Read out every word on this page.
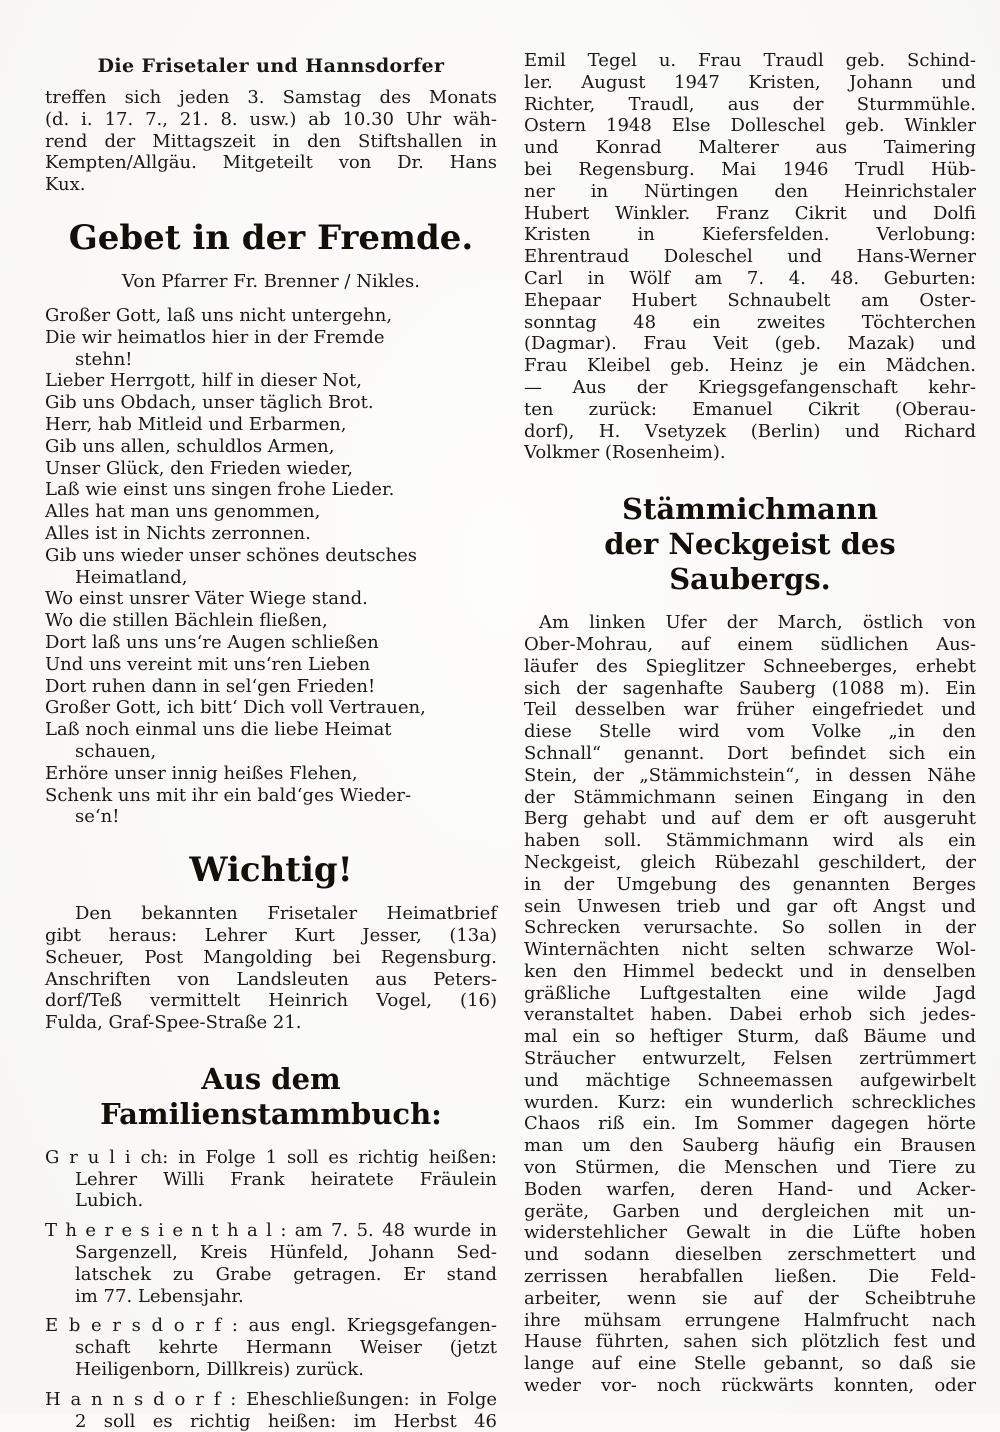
Die Frisetaler und Hannsdorfer
treffen sich jeden 3. Samstag des Monats
(d. i. 17. 7., 21. 8. usw.) ab 10.30 Uhr wäh-
rend der Mittagszeit in den Stiftshallen in
Kempten/Allgäu. Mitgeteilt von Dr. Hans
Kux.
Gebet in der Fremde.
Von Pfarrer Fr. Brenner / Nikles.
Großer Gott, laß uns nicht untergehn,
Die wir heimatlos hier in der Fremde
stehn!
Lieber Herrgott, hilf in dieser Not,
Gib uns Obdach, unser täglich Brot.
Herr, hab Mitleid und Erbarmen,
Gib uns allen, schuldlos Armen,
Unser Glück, den Frieden wieder,
Laß wie einst uns singen frohe Lieder.
Alles hat man uns genommen,
Alles ist in Nichts zerronnen.
Gib uns wieder unser schönes deutsches
Heimatland,
Wo einst unsrer Väter Wiege stand.
Wo die stillen Bächlein fließen,
Dort laß uns uns‘re Augen schließen
Und uns vereint mit uns‘ren Lieben
Dort ruhen dann in sel‘gen Frieden!
Großer Gott, ich bitt‘ Dich voll Vertrauen,
Laß noch einmal uns die liebe Heimat
schauen,
Erhöre unser innig heißes Flehen,
Schenk uns mit ihr ein bald‘ges Wieder-
se‘n!
Wichtig!
Den bekannten Frisetaler Heimatbrief
gibt heraus: Lehrer Kurt Jesser, (13a)
Scheuer, Post Mangolding bei Regensburg.
Anschriften von Landsleuten aus Peters-
dorf/Teß vermittelt Heinrich Vogel, (16)
Fulda, Graf-Spee-Straße 21.
Aus dem Familienstammbuch:
G r u l i ch: in Folge 1 soll es richtig heißen:
Lehrer Willi Frank heiratete Fräulein
Lubich.
T h e r e s i e n t h a l : am 7. 5. 48 wurde in
Sargenzell, Kreis Hünfeld, Johann Sed-
latschek zu Grabe getragen. Er stand
im 77. Lebensjahr.
E b e r s d o r f : aus engl. Kriegsgefangen-
schaft kehrte Hermann Weiser (jetzt
Heiligenborn, Dillkreis) zurück.
H a n n s d o r f : Eheschließungen: in Folge
2 soll es richtig heißen: im Herbst 46
Emil Tegel u. Frau Traudl geb. Schind-
ler. August 1947 Kristen, Johann und
Richter, Traudl, aus der Sturmmühle.
Ostern 1948 Else Dolleschel geb. Winkler
und Konrad Malterer aus Taimering
bei Regensburg. Mai 1946 Trudl Hüb-
ner in Nürtingen den Heinrichstaler
Hubert Winkler. Franz Cikrit und Dolfi
Kristen in Kiefersfelden. Verlobung:
Ehrentraud Doleschel und Hans-Werner
Carl in Wölf am 7. 4. 48. Geburten:
Ehepaar Hubert Schnaubelt am Oster-
sonntag 48 ein zweites Töchterchen
(Dagmar). Frau Veit (geb. Mazak) und
Frau Kleibel geb. Heinz je ein Mädchen.
— Aus der Kriegsgefangenschaft kehr-
ten zurück: Emanuel Cikrit (Oberau-
dorf), H. Vsetyzek (Berlin) und Richard
Volkmer (Rosenheim).
Stämmichmann
der Neckgeist des Saubergs.
Am linken Ufer der March, östlich von
Ober-Mohrau, auf einem südlichen Aus-
läufer des Spieglitzer Schneeberges, erhebt
sich der sagenhafte Sauberg (1088 m). Ein
Teil desselben war früher eingefriedet und
diese Stelle wird vom Volke „in den
Schnall“ genannt. Dort befindet sich ein
Stein, der „Stämmichstein“, in dessen Nähe
der Stämmichmann seinen Eingang in den
Berg gehabt und auf dem er oft ausgeruht
haben soll. Stämmichmann wird als ein
Neckgeist, gleich Rübezahl geschildert, der
in der Umgebung des genannten Berges
sein Unwesen trieb und gar oft Angst und
Schrecken verursachte. So sollen in der
Winternächten nicht selten schwarze Wol-
ken den Himmel bedeckt und in denselben
gräßliche Luftgestalten eine wilde Jagd
veranstaltet haben. Dabei erhob sich jedes-
mal ein so heftiger Sturm, daß Bäume und
Sträucher entwurzelt, Felsen zertrümmert
und mächtige Schneemassen aufgewirbelt
wurden. Kurz: ein wunderlich schreckliches
Chaos riß ein. Im Sommer dagegen hörte
man um den Sauberg häufig ein Brausen
von Stürmen, die Menschen und Tiere zu
Boden warfen, deren Hand- und Acker-
geräte, Garben und dergleichen mit un-
widerstehlicher Gewalt in die Lüfte hoben
und sodann dieselben zerschmettert und
zerrissen herabfallen ließen. Die Feld-
arbeiter, wenn sie auf der Scheibtruhe
ihre mühsam errungene Halmfrucht nach
Hause führten, sahen sich plötzlich fest und
lange auf eine Stelle gebannt, so daß sie
weder vor- noch rückwärts konnten, oder
